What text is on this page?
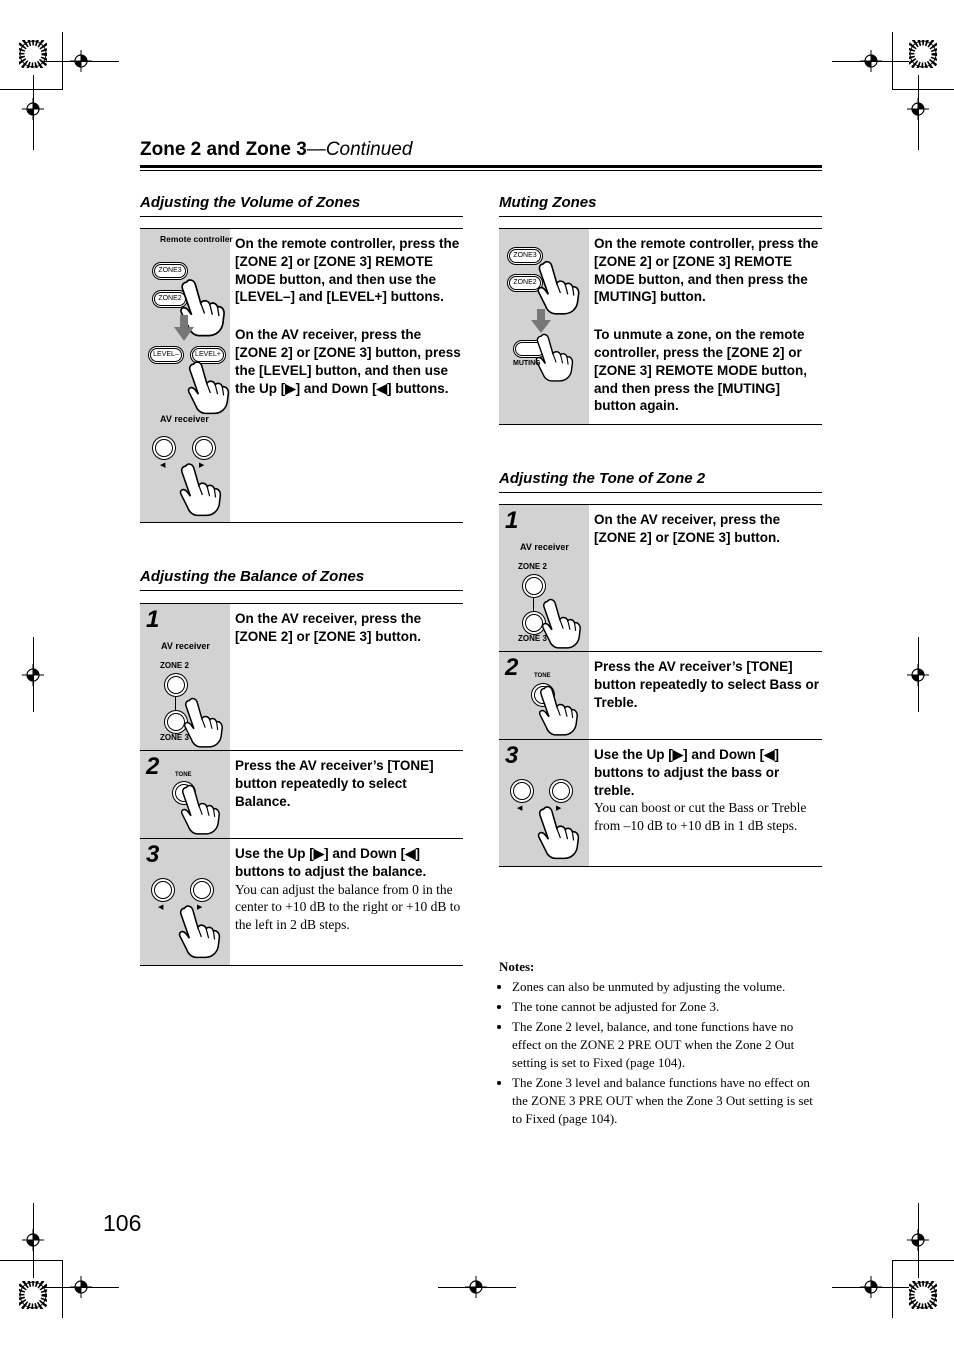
Zone 2 and Zone 3—Continued
Adjusting the Volume of Zones
Remote controller
ZONE3
ZONE2
LEVEL–	LEVEL+
AV receiver
◀	▶
On the remote controller, press the [ZONE 2] or [ZONE 3] REMOTE MODE button, and then use the [LEVEL–] and [LEVEL+] buttons.
On the AV receiver, press the [ZONE 2] or [ZONE 3] button, press the [LEVEL] button, and then use the Up [▶] and Down [◀] buttons.
Adjusting the Balance of Zones
1
AV receiver
ZONE 2
ZONE 3
On the AV receiver, press the [ZONE 2] or [ZONE 3] button.
2	TONE
Press the AV receiver’s [TONE] button repeatedly to select Balance.
3
◀	▶
Use the Up [▶] and Down [◀] buttons to adjust the balance.
You can adjust the balance from 0 in the center to +10 dB to the right or +10 dB to the left in 2 dB steps.
Muting Zones
ZONE3
ZONE2
MUTING
On the remote controller, press the [ZONE 2] or [ZONE 3] REMOTE MODE button, and then press the [MUTING] button.
To unmute a zone, on the remote controller, press the [ZONE 2] or [ZONE 3] REMOTE MODE button, and then press the [MUTING] button again.
Adjusting the Tone of Zone 2
1
AV receiver
ZONE 2
ZONE 3
On the AV receiver, press the [ZONE 2] or [ZONE 3] button.
2	TONE
Press the AV receiver’s [TONE] button repeatedly to select Bass or Treble.
3
◀	▶
Use the Up [▶] and Down [◀] buttons to adjust the bass or treble.
You can boost or cut the Bass or Treble from –10 dB to +10 dB in 1 dB steps.
Notes:
• Zones can also be unmuted by adjusting the volume.
• The tone cannot be adjusted for Zone 3.
• The Zone 2 level, balance, and tone functions have no effect on the ZONE 2 PRE OUT when the Zone 2 Out setting is set to Fixed (page 104).
• The Zone 3 level and balance functions have no effect on the ZONE 3 PRE OUT when the Zone 3 Out setting is set to Fixed (page 104).
106
